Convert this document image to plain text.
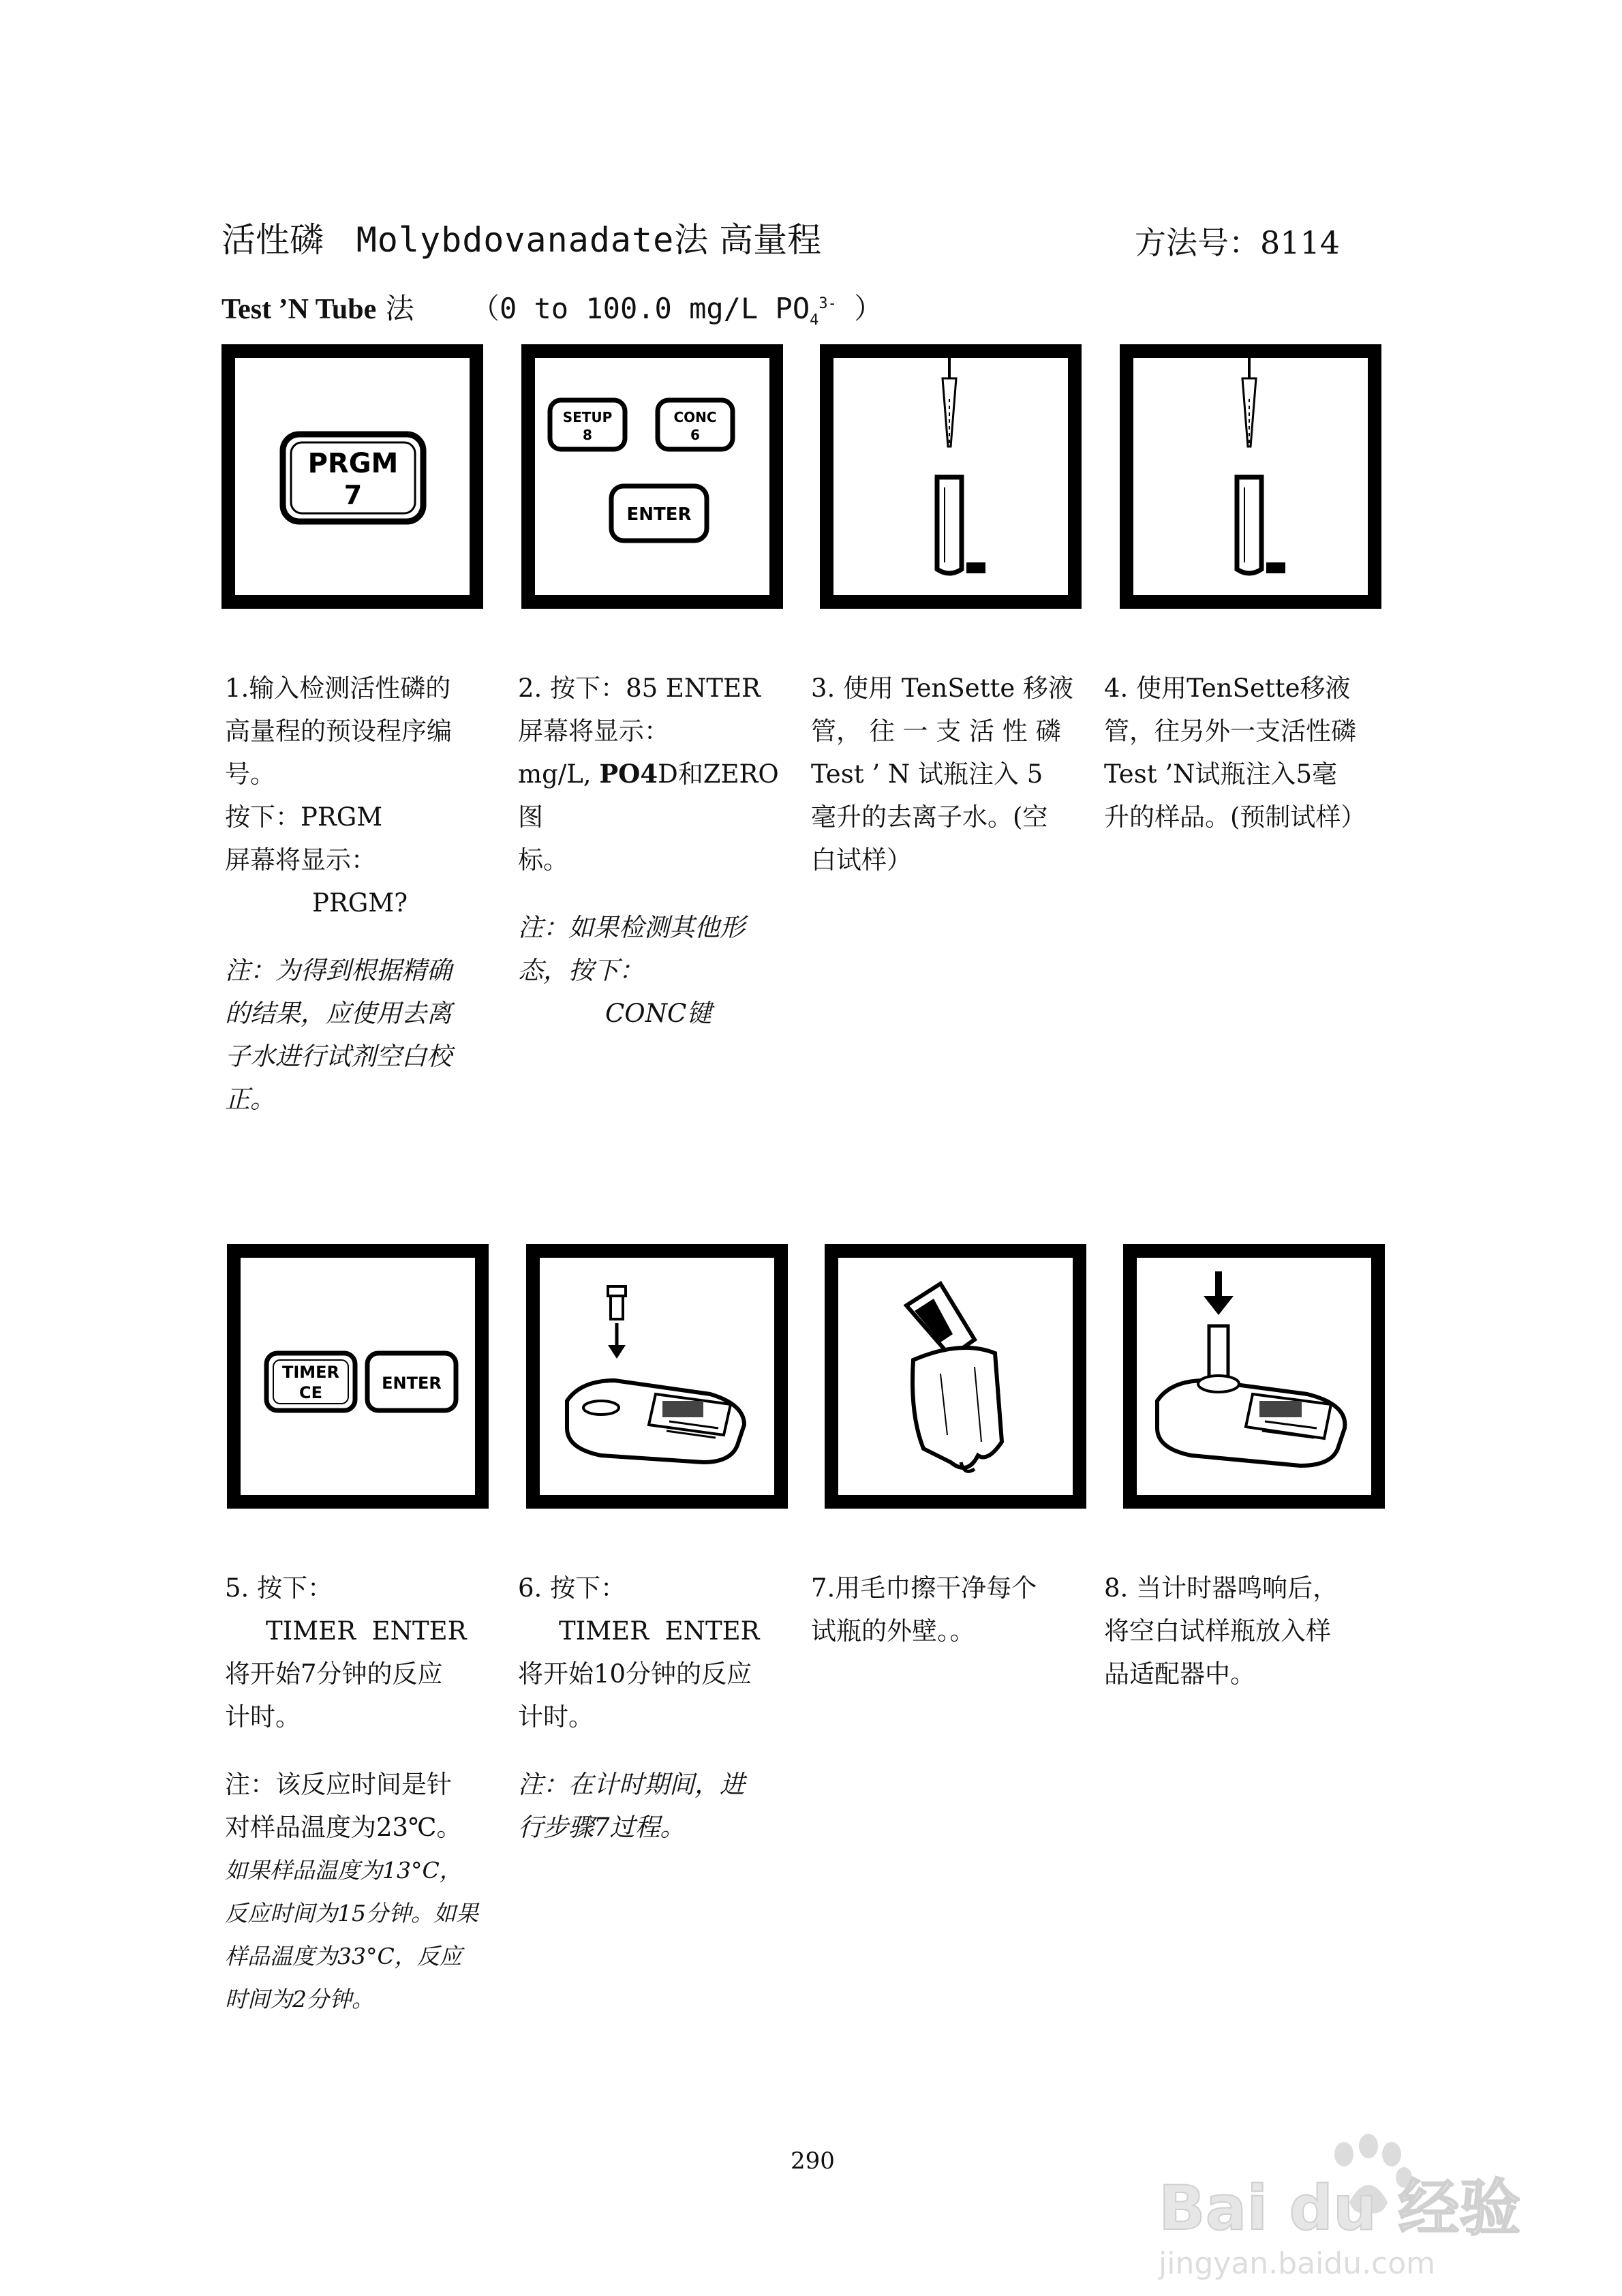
活性磷 Molybdovanadate法 高量程	方法号：8114
Test ’N Tube 法 （0 to 100.0 mg/L $PO_4^{3-}$ ）
PRGM
7
SETUP
8
CONC
6
ENTER

1.输入检测活性磷的

高量程的预设程序编

号。

按下：PRGM

屏幕将显示：

PRGM?

注：为得到根据精确

的结果，应使用去离

子水进行试剂空白校

正。

2. 按下：85 ENTER

屏幕将显示：

mg/L, PO4D和ZERO图

标。

注：如果检测其他形

态，按下：

CONC键

3. 使用 TenSette 移液

管， 往 一 支 活 性 磷

Test ’ N 试瓶注入 5

毫升的去离子水。(空

白试样）

4. 使用TenSette移液

管，往另外一支活性磷

Test ’N试瓶注入5毫

升的样品。(预制试样）

TIMER
CE	ENTER

5. 按下：

TIMER  ENTER

将开始7分钟的反应

计时。

注：该反应时间是针

对样品温度为23℃。

如果样品温度为13°C，

反应时间为15分钟。如果

样品温度为33°C，反应

时间为2分钟。

6. 按下：

TIMER  ENTER

将开始10分钟的反应

计时。

注：在计时期间，进

行步骤7过程。

7.用毛巾擦干净每个

试瓶的外壁。。

8. 当计时器鸣响后，

将空白试样瓶放入样

品适配器中。

290
Bai du 经验
jingyan.baidu.com
